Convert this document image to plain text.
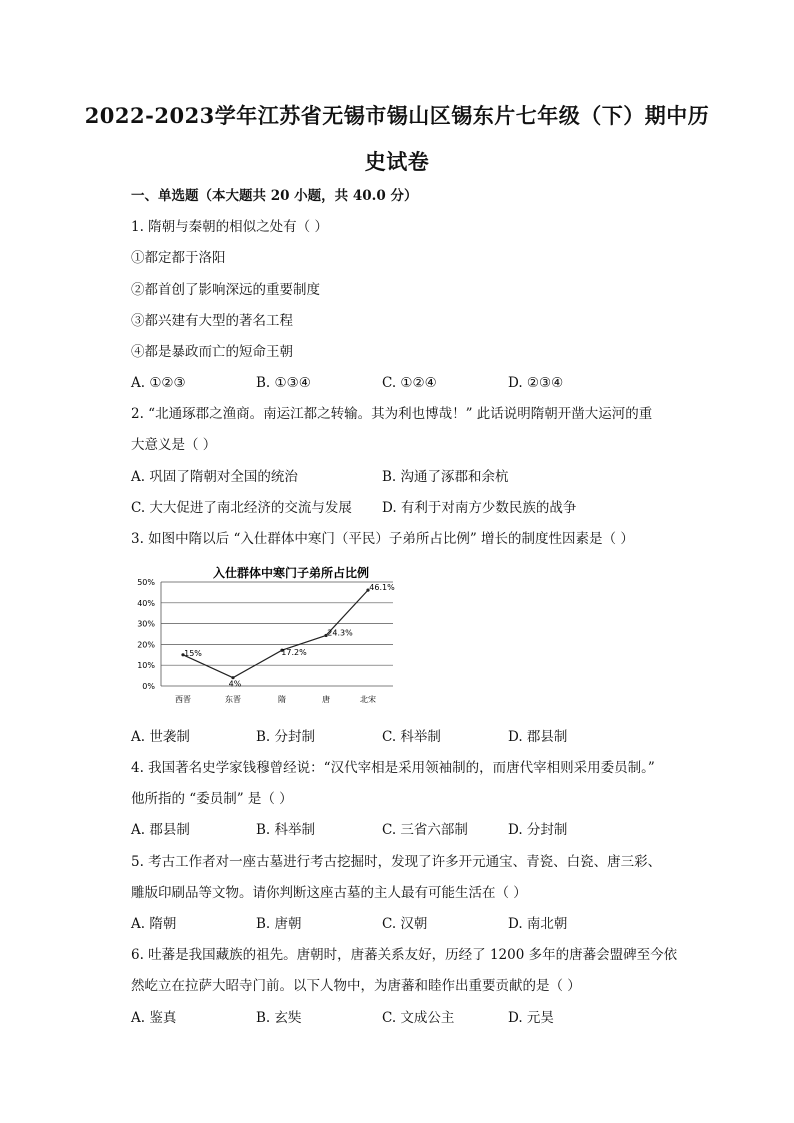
2022-2023学年江苏省无锡市锡山区锡东片七年级（下）期中历
史试卷
一、单选题（本大题共 20 小题，共 40.0 分）
1. 隋朝与秦朝的相似之处有（ ）
①都定都于洛阳
②都首创了影响深远的重要制度
③都兴建有大型的著名工程
④都是暴政而亡的短命王朝
A. ①②③	B. ①③④	C. ①②④	D. ②③④
2. “北通琢郡之渔商。南运江都之转输。其为利也博哉！” 此话说明隋朝开凿大运河的重
大意义是（ ）
A. 巩固了隋朝对全国的统治	B. 沟通了涿郡和余杭
C. 大大促进了南北经济的交流与发展 D. 有利于对南方少数民族的战争
3. 如图中隋以后 “入仕群体中寒门（平民）子弟所占比例” 增长的制度性因素是（ ）
入仕群体中寒门子弟所占比例
0%
10%
20%
30%
40%
50%
西晋	东晋	隋	唐	北宋
15%
4%
17.2%
24.3%
46.1%
A. 世袭制	B. 分封制	C. 科举制	D. 郡县制
4. 我国著名史学家钱穆曾经说：“汉代宰相是采用领袖制的，而唐代宰相则采用委员制。”
他所指的 “委员制” 是（ ）
A. 郡县制	B. 科举制	C. 三省六部制	D. 分封制
5. 考古工作者对一座古墓进行考古挖掘时，发现了许多开元通宝、青瓷、白瓷、唐三彩、
雕版印刷品等文物。请你判断这座古墓的主人最有可能生活在（ ）
A. 隋朝	B. 唐朝	C. 汉朝	D. 南北朝
6. 吐蕃是我国藏族的祖先。唐朝时，唐蕃关系友好，历经了 1200 多年的唐蕃会盟碑至今依
然屹立在拉萨大昭寺门前。以下人物中，为唐蕃和睦作出重要贡献的是（ ）
A. 鉴真	B. 玄奘	C. 文成公主	D. 元昊
